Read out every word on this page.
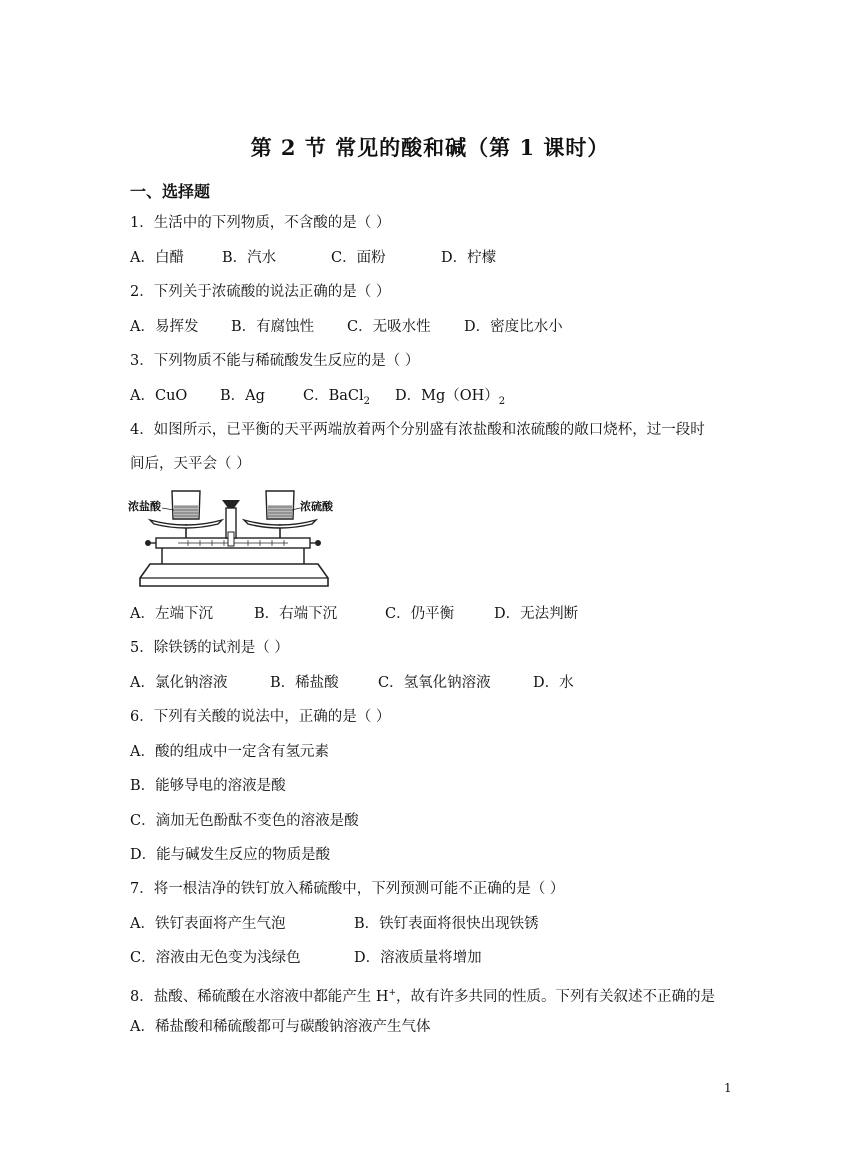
第 2 节 常见的酸和碱（第 1 课时）
一、选择题
1．生活中的下列物质，不含酸的是（ ）
A．白醋	B．汽水	C．面粉	D．柠檬
2．下列关于浓硫酸的说法正确的是（ ）
A．易挥发 B．有腐蚀性 C．无吸水性 D．密度比水小
3．下列物质不能与稀硫酸发生反应的是（ ）
A．CuO B．Ag	C．BaCl$_2$ D．$Mg(OH)_2$
4．如图所示，已平衡的天平两端放着两个分别盛有浓盐酸和浓硫酸的敞口烧杯，过一段时
间后，天平会（ ）
浓盐酸	浓硫酸
A．左端下沉	B．右端下沉	C．仍平衡	D．无法判断
5．除铁锈的试剂是（ ）
A．氯化钠溶液	B．稀盐酸	C．氢氧化钠溶液	D．水
6．下列有关酸的说法中，正确的是（ ）
A．酸的组成中一定含有氢元素
B．能够导电的溶液是酸
C．滴加无色酚酞不变色的溶液是酸
D．能与碱发生反应的物质是酸
7．将一根洁净的铁钉放入稀硫酸中，下列预测可能不正确的是（ ）
A．铁钉表面将产生气泡	B．铁钉表面将很快出现铁锈
C．溶液由无色变为浅绿色	D．溶液质量将增加
8．盐酸、稀硫酸在水溶液中都能产生 H+，故有许多共同的性质。下列有关叙述不正确的是
A．稀盐酸和稀硫酸都可与碳酸钠溶液产生气体
1
